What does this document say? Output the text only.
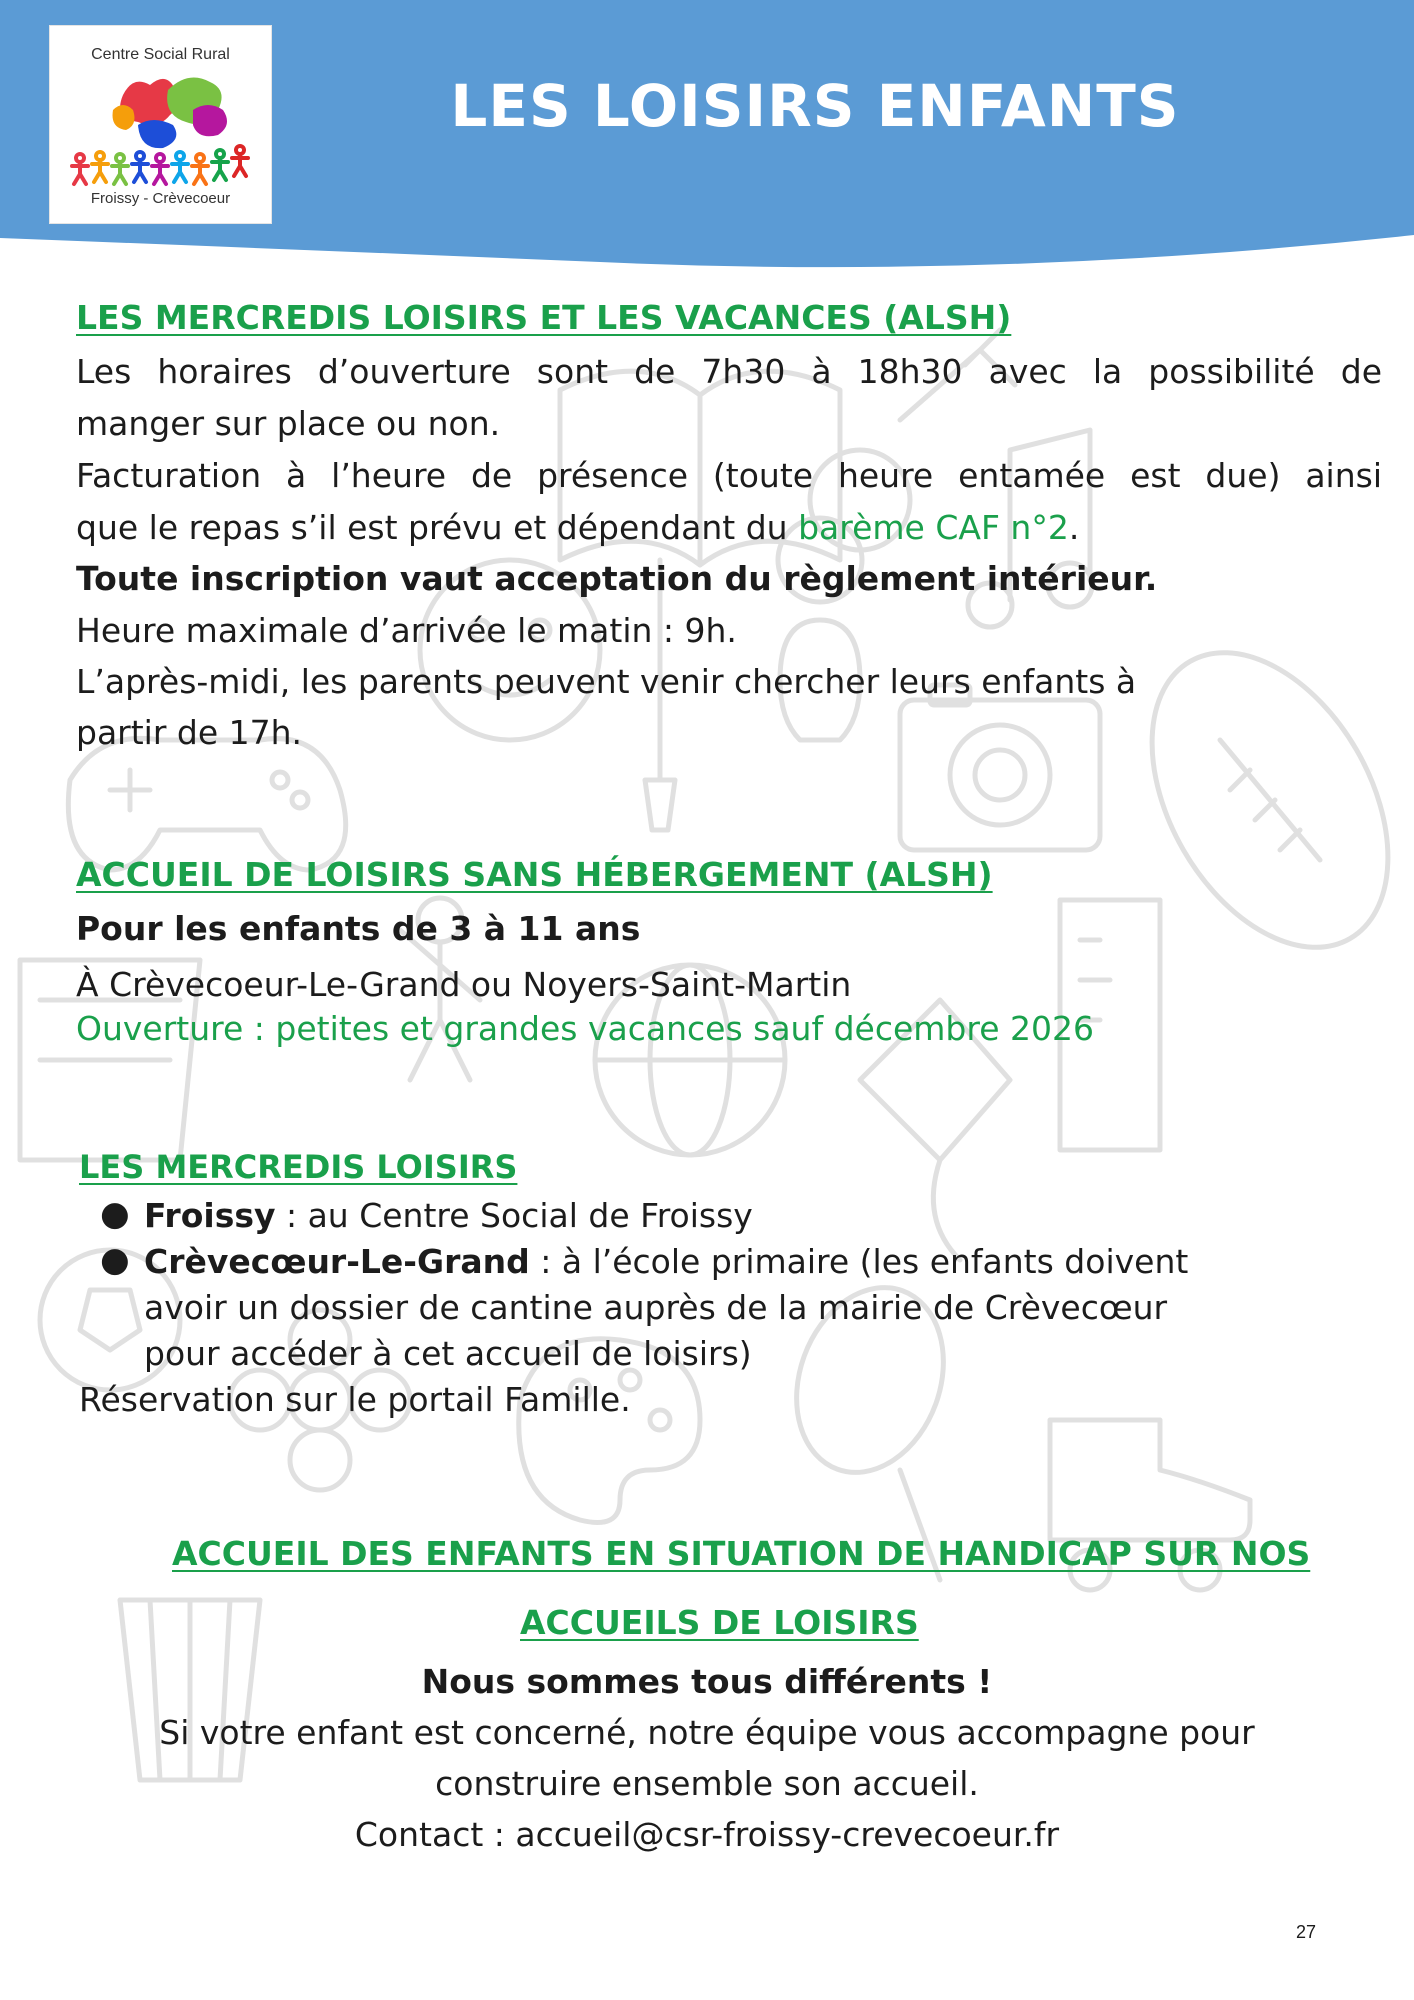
Centre Social Rural
Froissy - Crèvecoeur
LES LOISIRS ENFANTS
LES MERCREDIS LOISIRS ET LES VACANCES (ALSH)
Les horaires d’ouverture sont de 7h30 à 18h30 avec la possibilité de
manger sur place ou non.
Facturation à l’heure de présence (toute heure entamée est due) ainsi
que le repas s’il est prévu et dépendant du barème CAF n°2.
Toute inscription vaut acceptation du règlement intérieur.
Heure maximale d’arrivée le matin : 9h.
L’après-midi, les parents peuvent venir chercher leurs enfants à
partir de 17h.
ACCUEIL DE LOISIRS SANS HÉBERGEMENT (ALSH)
Pour les enfants de 3 à 11 ans
À Crèvecoeur-Le-Grand ou Noyers-Saint-Martin
Ouverture : petites et grandes vacances sauf décembre 2026
LES MERCREDIS LOISIRS
● Froissy : au Centre Social de Froissy
● Crèvecœur-Le-Grand : à l’école primaire (les enfants doivent
avoir un dossier de cantine auprès de la mairie de Crèvecœur
pour accéder à cet accueil de loisirs)
Réservation sur le portail Famille.
ACCUEIL DES ENFANTS EN SITUATION DE HANDICAP SUR NOS
ACCUEILS DE LOISIRS
Nous sommes tous différents !
Si votre enfant est concerné, notre équipe vous accompagne pour
construire ensemble son accueil.
Contact : accueil@csr-froissy-crevecoeur.fr
27
